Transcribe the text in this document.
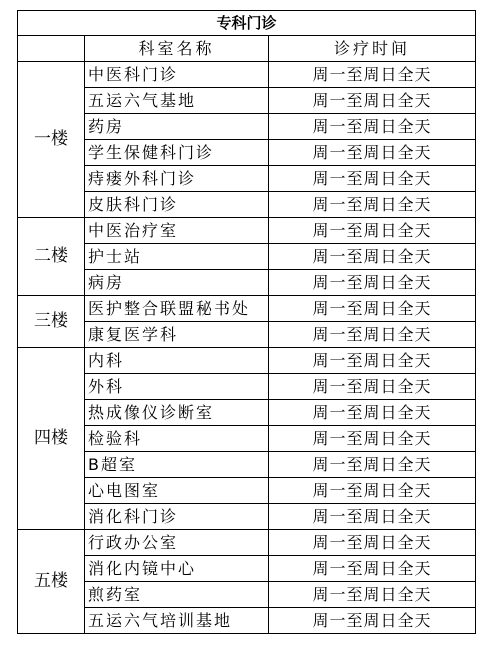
专科门诊		
	科室名称	诊疗时间
一楼	中医科门诊	周一至周日全天
	五运六气基地	周一至周日全天
	药房	周一至周日全天
	学生保健科门诊	周一至周日全天
	痔瘘外科门诊	周一至周日全天
	皮肤科门诊	周一至周日全天
二楼	中医治疗室	周一至周日全天
	护士站	周一至周日全天
	病房	周一至周日全天
三楼	医护整合联盟秘书处	周一至周日全天
	康复医学科	周一至周日全天
四楼	内科	周一至周日全天
	外科	周一至周日全天
	热成像仪诊断室	周一至周日全天
	检验科	周一至周日全天
	B超室	周一至周日全天
	心电图室	周一至周日全天
	消化科门诊	周一至周日全天
五楼	行政办公室	周一至周日全天
	消化内镜中心	周一至周日全天
	煎药室	周一至周日全天
	五运六气培训基地	周一至周日全天
